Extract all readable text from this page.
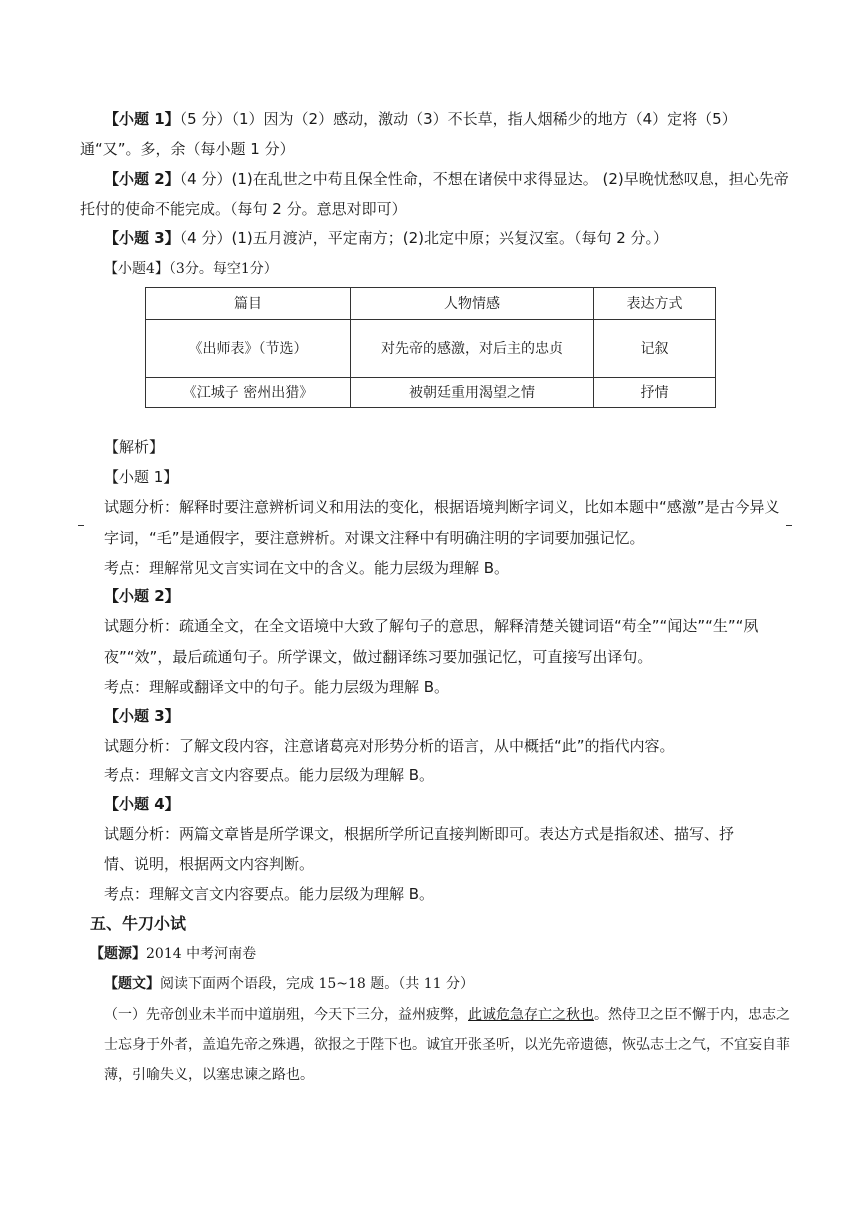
【小题 1】（5 分）（1）因为（2）感动，激动（3）不长草，指人烟稀少的地方（4）定将（5）通“又”。多，余（每小题 1 分）
【小题 2】（4 分）(1)在乱世之中苟且保全性命，不想在诸侯中求得显达。 (2)早晚忧愁叹息，担心先帝托付的使命不能完成。（每句 2 分。意思对即可）
【小题 3】（4 分）(1)五月渡泸，平定南方；(2)北定中原；兴复汉室。（每句 2 分。）
【小题4】（3分。每空1分）
篇目	人物情感	表达方式
《出师表》（节选）	对先帝的感激，对后主的忠贞	记叙
《江城子 密州出猎》	被朝廷重用渴望之情	抒情
【解析】
【小题 1】
试题分析：解释时要注意辨析词义和用法的变化，根据语境判断字词义，比如本题中“感激”是古今异义字词，“毛”是通假字，要注意辨析。对课文注释中有明确注明的字词要加强记忆。
考点：理解常见文言实词在文中的含义。能力层级为理解 B。
【小题 2】
试题分析：疏通全文，在全文语境中大致了解句子的意思，解释清楚关键词语“苟全”“闻达”“生”“夙夜”“效”，最后疏通句子。所学课文，做过翻译练习要加强记忆，可直接写出译句。
考点：理解或翻译文中的句子。能力层级为理解 B。
【小题 3】
试题分析：了解文段内容，注意诸葛亮对形势分析的语言，从中概括“此”的指代内容。
考点：理解文言文内容要点。能力层级为理解 B。
【小题 4】
试题分析：两篇文章皆是所学课文，根据所学所记直接判断即可。表达方式是指叙述、描写、抒情、说明，根据两文内容判断。
考点：理解文言文内容要点。能力层级为理解 B。
五、牛刀小试
【题源】2014 中考河南卷
【题文】阅读下面两个语段，完成 15~18 题。（共 11 分）
（一）先帝创业未半而中道崩殂，今天下三分，益州疲弊，此诚危急存亡之秋也。然侍卫之臣不懈于内，忠志之士忘身于外者，盖追先帝之殊遇，欲报之于陛下也。诚宜开张圣听，以光先帝遗德，恢弘志士之气，不宜妄自菲薄，引喻失义，以塞忠谏之路也。
